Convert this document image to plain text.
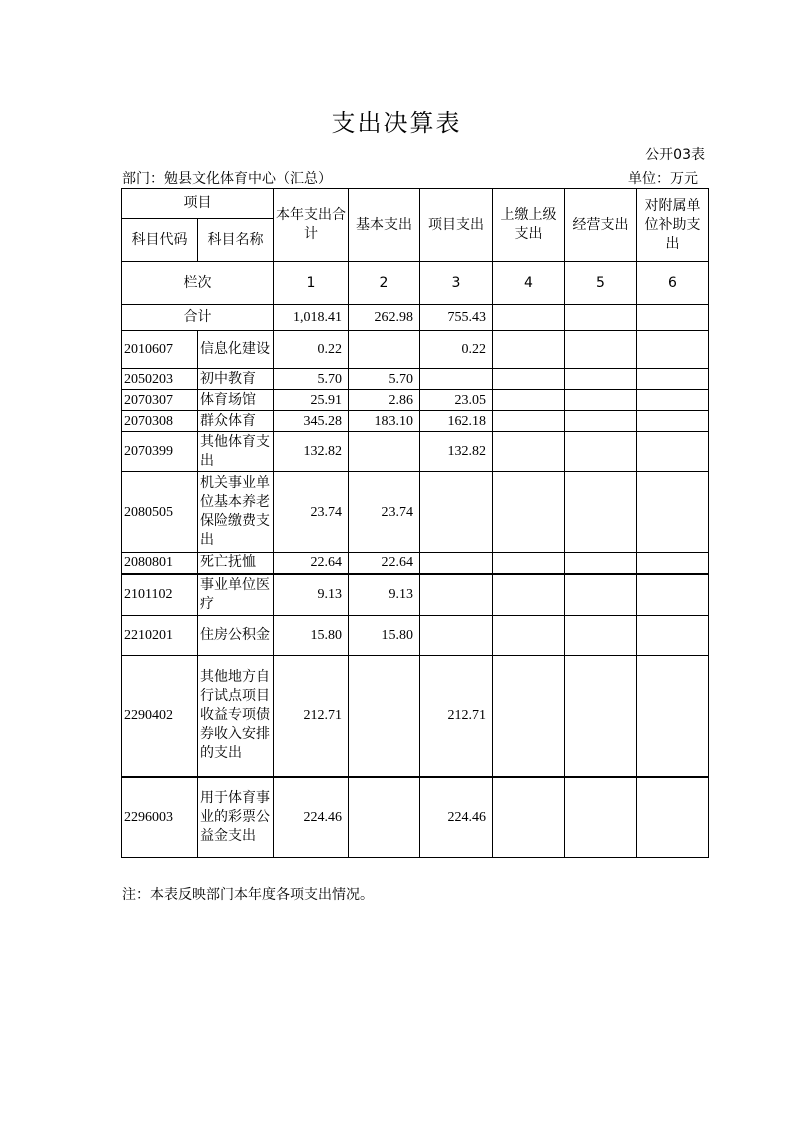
支出决算表
公开03表
部门：勉县文化体育中心（汇总）	单位：万元
项目		本年支出合计	基本支出	项目支出	上缴上级支出	经营支出	对附属单位补助支出
科目代码	科目名称						
栏次		1	2	3	4	5	6
合计		1,018.41	262.98	755.43			
2010607	信息化建设	0.22		0.22			
2050203	初中教育	5.70	5.70				
2070307	体育场馆	25.91	2.86	23.05			
2070308	群众体育	345.28	183.10	162.18			
2070399	其他体育支出	132.82		132.82			
2080505	机关事业单位基本养老保险缴费支出	23.74	23.74				
2080801	死亡抚恤	22.64	22.64				
2101102	事业单位医疗	9.13	9.13				
2210201	住房公积金	15.80	15.80				
2290402	其他地方自行试点项目收益专项债券收入安排的支出	212.71		212.71			
2296003	用于体育事业的彩票公益金支出	224.46		224.46			
注：本表反映部门本年度各项支出情况。
